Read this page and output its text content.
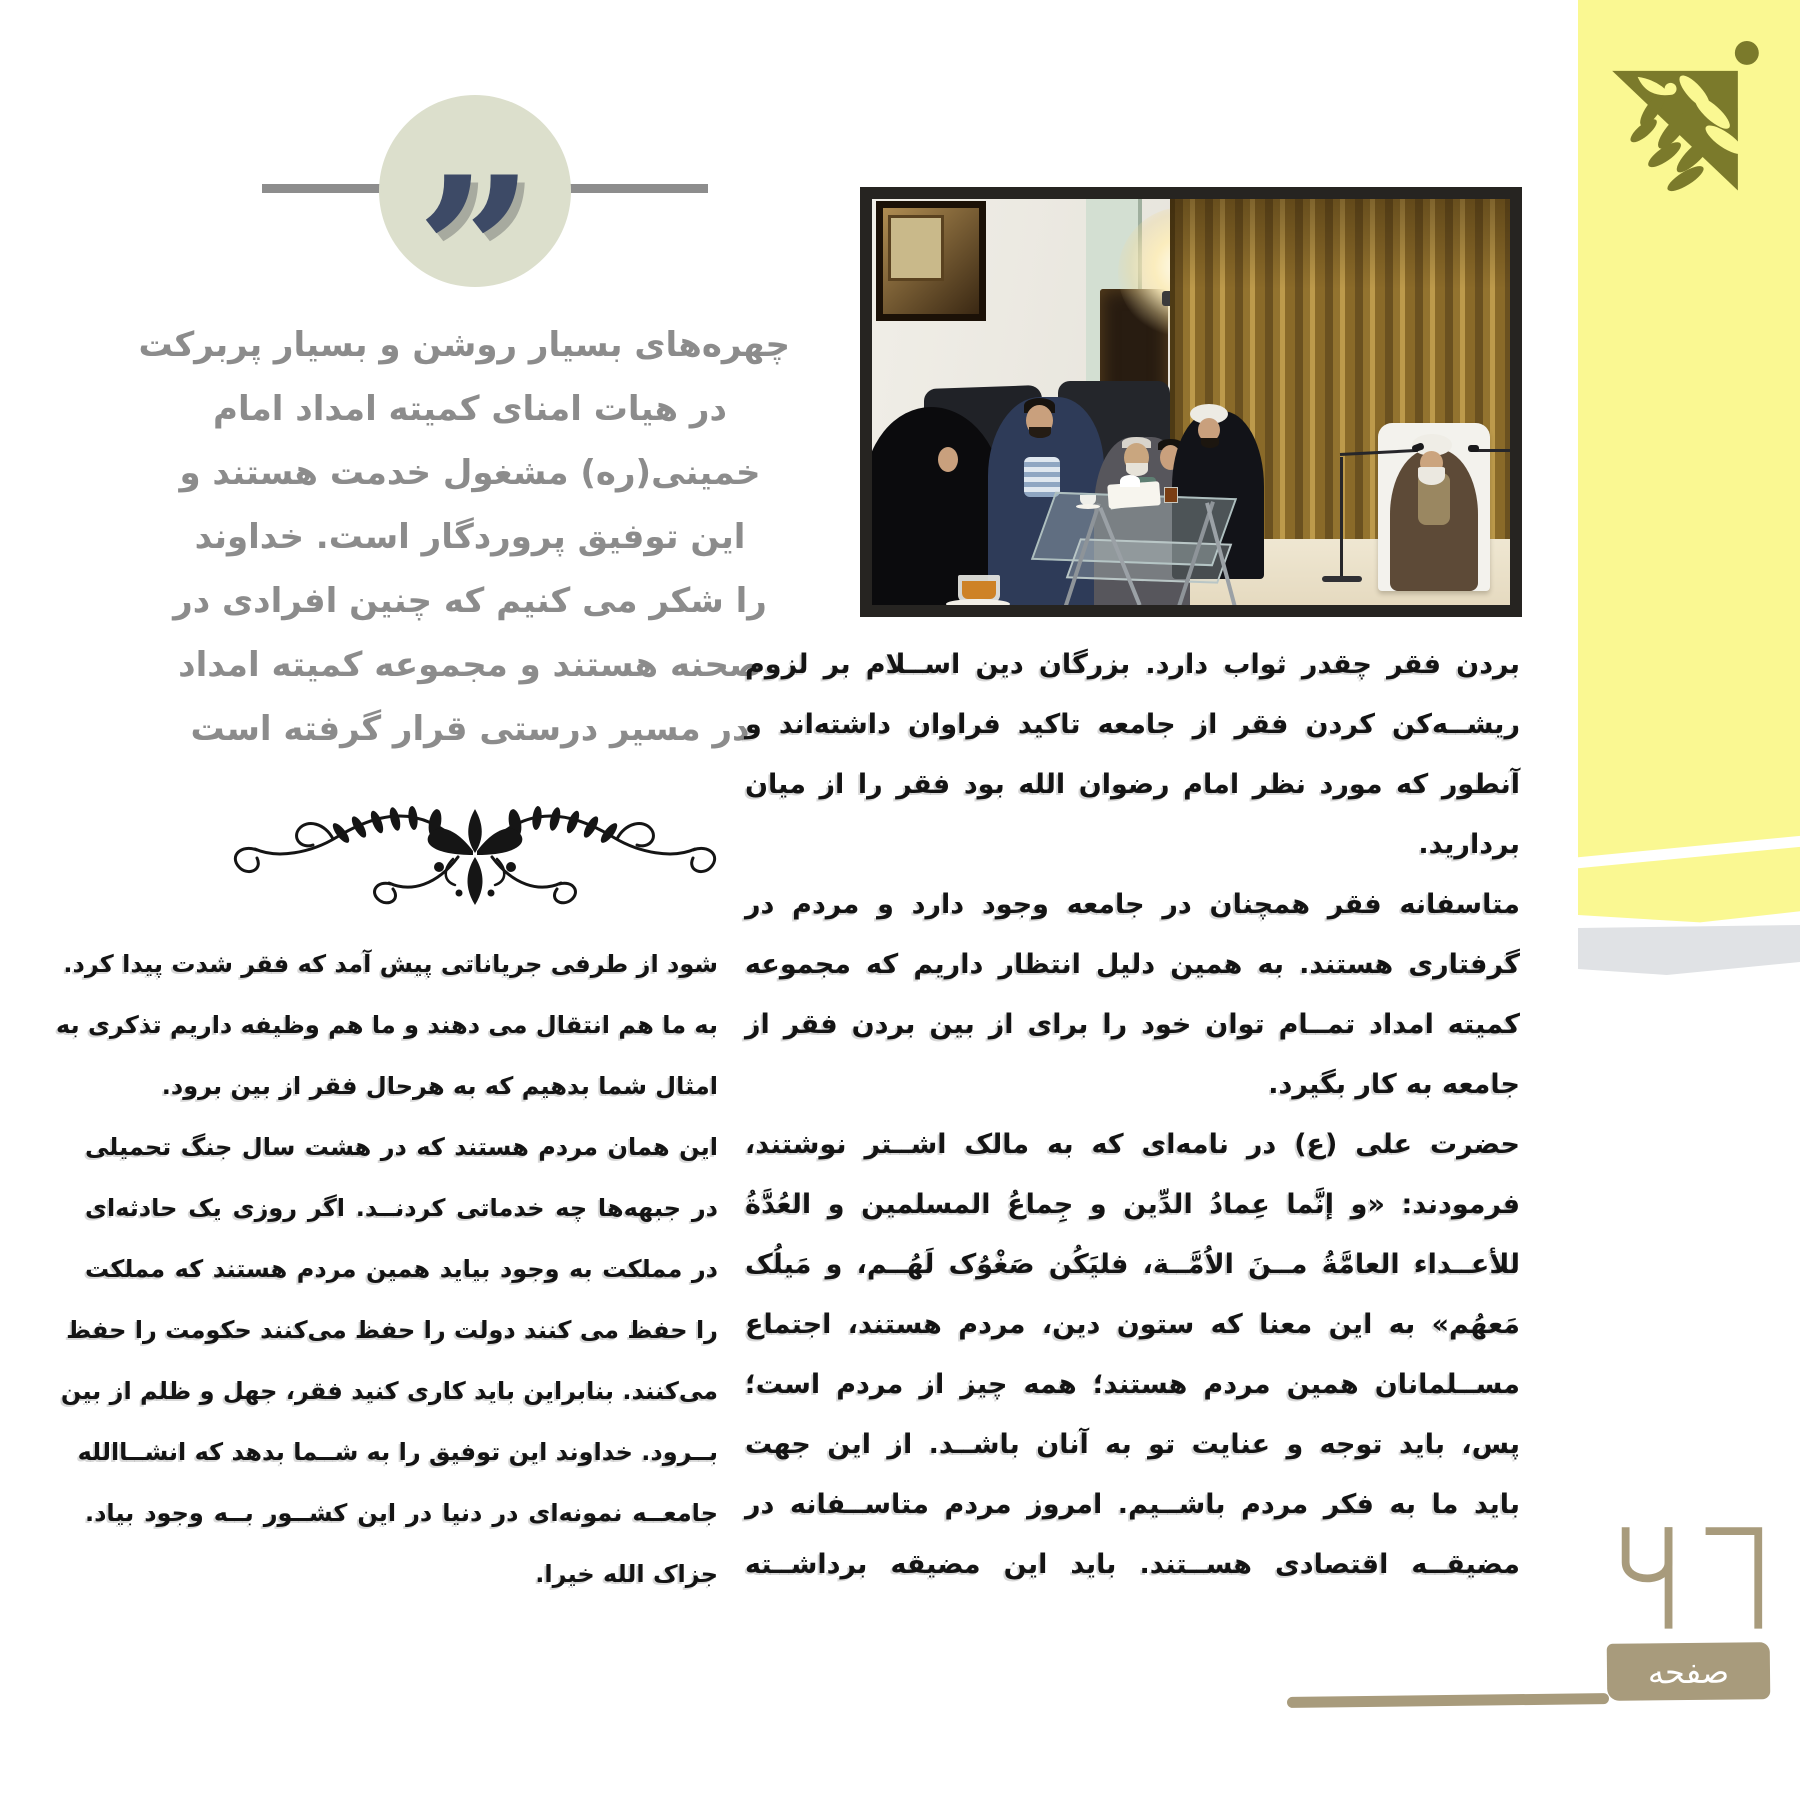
”
چهره‌های بسیار روشن و بسیار پربرکت
در هیات امنای کمیته امداد امام
خمینی(ره) مشغول خدمت هستند و
این توفیق پروردگار است. خداوند
را شکر می کنیم که چنین افرادی در
صحنه هستند و مجموعه کمیته امداد
در مسیر درستی قرار گرفته است
بردن فقر چقدر ثواب دارد. بزرگان دین اســلام بر لزوم
ریشــه‌کن کردن فقر از جامعه تاکید فراوان داشته‌اند و
آنطور که مورد نظر امام رضوان الله بود فقر را از میان
بردارید.
متاسفانه فقر همچنان در جامعه وجود دارد و مردم در
گرفتاری هستند. به همین دلیل انتظار داریم که مجموعه
کمیته امداد تمــام توان خود را برای از بین بردن فقر از
جامعه به کار بگیرد.
حضرت علی (ع) در نامه‌ای که به مالک اشــتر نوشتند،
فرمودند: «و إنَّما عِمادُ الدِّین و جِماعُ المسلمین و العُدَّةُ
للأعــداء العامَّةُ مــنَ الاُمَّــة، فلیَکُن صَغْوُک لَهُــم، و مَیلُک
مَعهُم» به این معنا که ستون دین، مردم هستند، اجتماع
مســلمانان همین مردم هستند؛ همه چیز از مردم است؛
پس، باید توجه و عنایت تو به آنان باشــد. از این جهت
باید ما به فکر مردم باشــیم. امروز مردم متاســفانه در
مضیقــه اقتصادی هســتند. باید این مضیقه برداشــته
شود از طرفی جریاناتی پیش آمد که فقر شدت پیدا کرد.
به ما هم انتقال می دهند و ما هم وظیفه داریم تذکری به
امثال شما بدهیم که به هرحال فقر از بین برود.
این همان مردم هستند که در هشت سال جنگ تحمیلی
در جبهه‌ها چه خدماتی کردنــد. اگر روزی یک حادثه‌ای
در مملکت به وجود بیاید همین مردم هستند که مملکت
را حفظ می کنند دولت را حفظ می‌کنند حکومت را حفظ
می‌کنند. بنابراین باید کاری کنید فقر، جهل و ظلم از بین
بــرود. خداوند این توفیق را به شــما بدهد که انشــاالله
جامعــه نمونه‌ای در دنیا در این کشــور بــه وجود بیاد.
جزاک الله خیرا.
صفحه
